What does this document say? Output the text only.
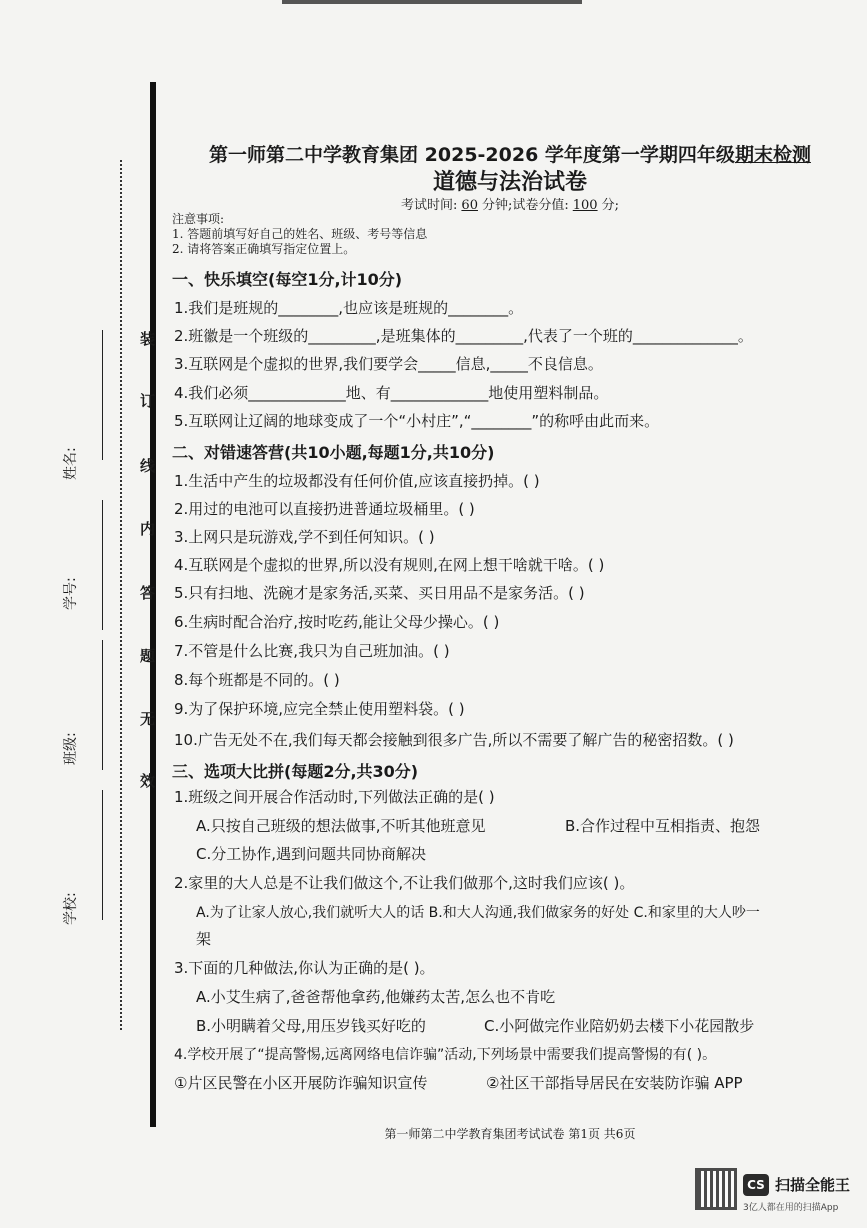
装
订
线
内
答
题
无
效
姓名:
学号:
班级:
学校:
第一师第二中学教育集团 2025-2026 学年度第一学期四年级期末检测
道德与法治试卷
考试时间: 60 分钟;试卷分值: 100 分;
注意事项:
1. 答题前填写好自己的姓名、班级、考号等信息
2. 请将答案正确填写指定位置上。
一、快乐填空(每空1分,计10分)
1.我们是班规的________,也应该是班规的________。
2.班徽是一个班级的_________,是班集体的_________,代表了一个班的______________。
3.互联网是个虚拟的世界,我们要学会_____信息,_____不良信息。
4.我们必须_____________地、有_____________地使用塑料制品。
5.互联网让辽阔的地球变成了一个“小村庄”,“________”的称呼由此而来。
二、对错速答营(共10小题,每题1分,共10分)
1.生活中产生的垃圾都没有任何价值,应该直接扔掉。( )
2.用过的电池可以直接扔进普通垃圾桶里。( )
3.上网只是玩游戏,学不到任何知识。( )
4.互联网是个虚拟的世界,所以没有规则,在网上想干啥就干啥。( )
5.只有扫地、洗碗才是家务活,买菜、买日用品不是家务活。( )
6.生病时配合治疗,按时吃药,能让父母少操心。( )
7.不管是什么比赛,我只为自己班加油。( )
8.每个班都是不同的。( )
9.为了保护环境,应完全禁止使用塑料袋。( )
10.广告无处不在,我们每天都会接触到很多广告,所以不需要了解广告的秘密招数。( )
三、选项大比拼(每题2分,共30分)
1.班级之间开展合作活动时,下列做法正确的是( )
A.只按自己班级的想法做事,不听其他班意见	B.合作过程中互相指责、抱怨
C.分工协作,遇到问题共同协商解决
2.家里的大人总是不让我们做这个,不让我们做那个,这时我们应该( )。
A.为了让家人放心,我们就听大人的话 B.和大人沟通,我们做家务的好处 C.和家里的大人吵一
架
3.下面的几种做法,你认为正确的是( )。
A.小艾生病了,爸爸帮他拿药,他嫌药太苦,怎么也不肯吃
B.小明瞒着父母,用压岁钱买好吃的	C.小阿做完作业陪奶奶去楼下小花园散步
4.学校开展了“提高警惕,远离网络电信诈骗”活动,下列场景中需要我们提高警惕的有( )。
①片区民警在小区开展防诈骗知识宣传	②社区干部指导居民在安装防诈骗 APP
第一师第二中学教育集团考试试卷 第1页 共6页
CS 扫描全能王
3亿人都在用的扫描App
